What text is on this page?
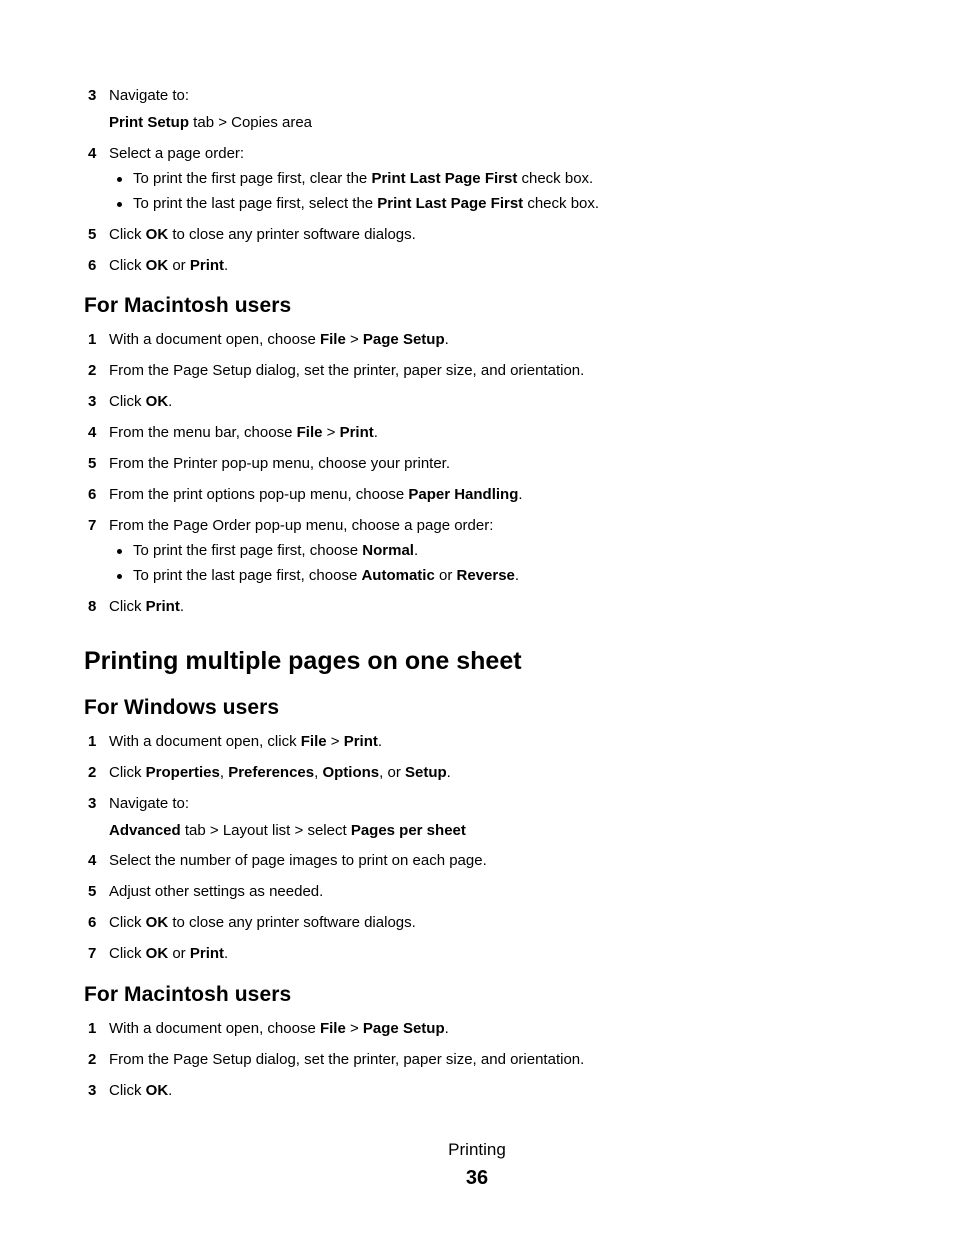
3 Navigate to:
Print Setup tab > Copies area
4 Select a page order:
To print the first page first, clear the Print Last Page First check box.
To print the last page first, select the Print Last Page First check box.
5 Click OK to close any printer software dialogs.
6 Click OK or Print.
For Macintosh users
1 With a document open, choose File > Page Setup.
2 From the Page Setup dialog, set the printer, paper size, and orientation.
3 Click OK.
4 From the menu bar, choose File > Print.
5 From the Printer pop-up menu, choose your printer.
6 From the print options pop-up menu, choose Paper Handling.
7 From the Page Order pop-up menu, choose a page order:
To print the first page first, choose Normal.
To print the last page first, choose Automatic or Reverse.
8 Click Print.
Printing multiple pages on one sheet
For Windows users
1 With a document open, click File > Print.
2 Click Properties, Preferences, Options, or Setup.
3 Navigate to:
Advanced tab > Layout list > select Pages per sheet
4 Select the number of page images to print on each page.
5 Adjust other settings as needed.
6 Click OK to close any printer software dialogs.
7 Click OK or Print.
For Macintosh users
1 With a document open, choose File > Page Setup.
2 From the Page Setup dialog, set the printer, paper size, and orientation.
3 Click OK.
Printing
36
